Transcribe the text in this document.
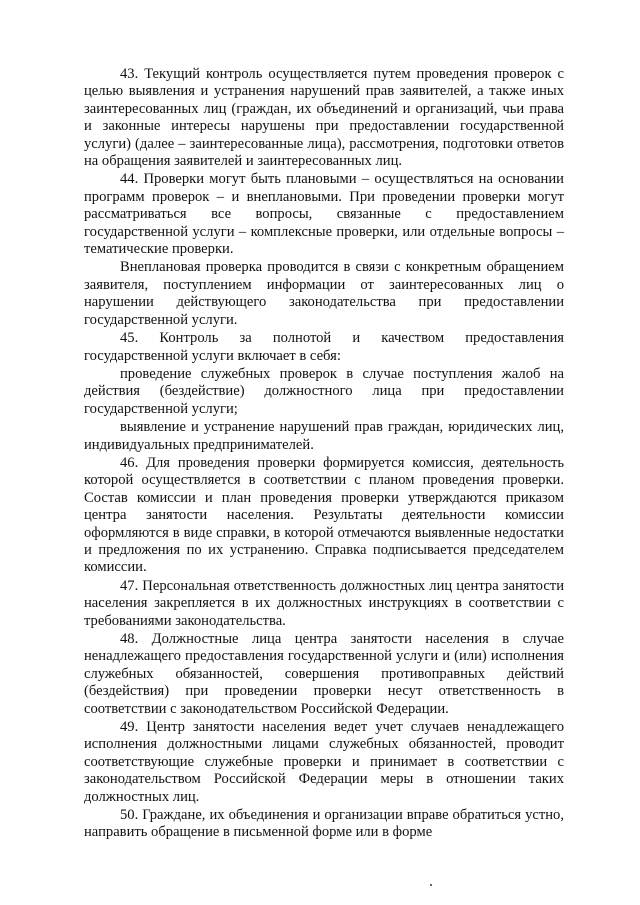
43. Текущий контроль осуществляется путем проведения проверок с целью выявления и устранения нарушений прав заявителей, а также иных заинтересованных лиц (граждан, их объединений и организаций, чьи права и законные интересы нарушены при предоставлении государственной услуги) (далее – заинтересованные лица), рассмотрения, подготовки ответов на обращения заявителей и заинтересованных лиц.

44. Проверки могут быть плановыми – осуществляться на основании программ проверок – и внеплановыми. При проведении проверки могут рассматриваться все вопросы, связанные с предоставлением государственной услуги – комплексные проверки, или отдельные вопросы – тематические проверки.

Внеплановая проверка проводится в связи с конкретным обращением заявителя, поступлением информации от заинтересованных лиц о нарушении действующего законодательства при предоставлении государственной услуги.

45. Контроль за полнотой и качеством предоставления государственной услуги включает в себя:

проведение служебных проверок в случае поступления жалоб на действия (бездействие) должностного лица при предоставлении государственной услуги;

выявление и устранение нарушений прав граждан, юридических лиц, индивидуальных предпринимателей.

46. Для проведения проверки формируется комиссия, деятельность которой осуществляется в соответствии с планом проведения проверки. Состав комиссии и план проведения проверки утверждаются приказом центра занятости населения. Результаты деятельности комиссии оформляются в виде справки, в которой отмечаются выявленные недостатки и предложения по их устранению. Справка подписывается председателем комиссии.

47. Персональная ответственность должностных лиц центра занятости населения закрепляется в их должностных инструкциях в соответствии с требованиями законодательства.

48. Должностные лица центра занятости населения в случае ненадлежащего предоставления государственной услуги и (или) исполнения служебных обязанностей, совершения противоправных действий (бездействия) при проведении проверки несут ответственность в соответствии с законодательством Российской Федерации.

49. Центр занятости населения ведет учет случаев ненадлежащего исполнения должностными лицами служебных обязанностей, проводит соответствующие служебные проверки и принимает в соответствии с законодательством Российской Федерации меры в отношении таких должностных лиц.

50. Граждане, их объединения и организации вправе обратиться устно, направить обращение в письменной форме или в форме
